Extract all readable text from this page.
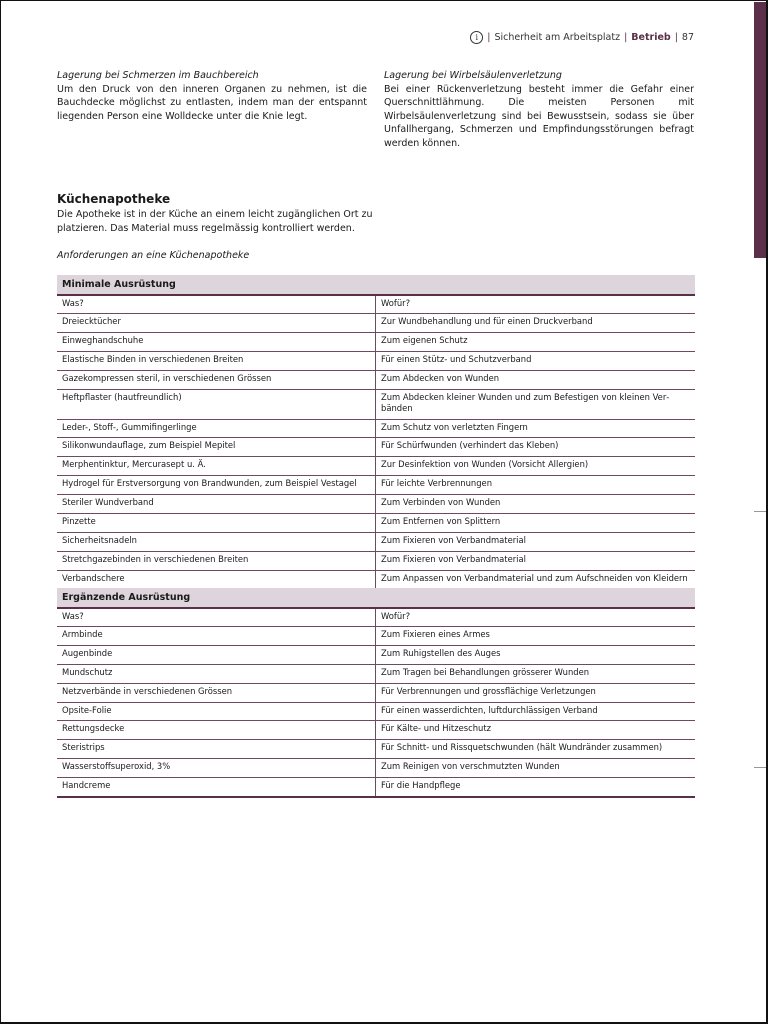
i | Sicherheit am Arbeitsplatz | Betrieb | 87
Lagerung bei Schmerzen im Bauchbereich

Um den Druck von den inneren Organen zu nehmen, ist die Bauchdecke möglichst zu entlasten, indem man der entspannt liegenden Person eine Wolldecke unter die Knie legt.

Lagerung bei Wirbelsäulenverletzung

Bei einer Rückenverletzung besteht immer die Gefahr einer Querschnittlähmung. Die meisten Personen mit Wirbelsäulenverletzung sind bei Bewusstsein, sodass sie über Unfallhergang, Schmerzen und Empfindungsstörungen befragt werden können.

Küchenapotheke

Die Apotheke ist in der Küche an einem leicht zugänglichen Ort zu platzieren. Das Material muss regelmässig kontrolliert werden.

Anforderungen an eine Küchenapotheke

Minimale Ausrüstung	
Was?	Wofür?
Dreiecktücher	Zur Wundbehandlung und für einen Druckverband
Einweghandschuhe	Zum eigenen Schutz
Elastische Binden in verschiedenen Breiten	Für einen Stütz- und Schutzverband
Gazekompressen steril, in verschiedenen Grössen	Zum Abdecken von Wunden
Heftpflaster (hautfreundlich)	Zum Abdecken kleiner Wunden und zum Befestigen von kleinen Verbänden
Leder-, Stoff-, Gummifingerlinge	Zum Schutz von verletzten Fingern
Silikonwundauflage, zum Beispiel Mepitel	Für Schürfwunden (verhindert das Kleben)
Merphentinktur, Mercurasept u. Ä.	Zur Desinfektion von Wunden (Vorsicht Allergien)
Hydrogel für Erstversorgung von Brandwunden, zum Beispiel Vestagel	Für leichte Verbrennungen
Steriler Wundverband	Zum Verbinden von Wunden
Pinzette	Zum Entfernen von Splittern
Sicherheitsnadeln	Zum Fixieren von Verbandmaterial
Stretchgazebinden in verschiedenen Breiten	Zum Fixieren von Verbandmaterial
Verbandschere	Zum Anpassen von Verbandmaterial und zum Aufschneiden von Kleidern
Ergänzende Ausrüstung	
Was?	Wofür?
Armbinde	Zum Fixieren eines Armes
Augenbinde	Zum Ruhigstellen des Auges
Mundschutz	Zum Tragen bei Behandlungen grösserer Wunden
Netzverbände in verschiedenen Grössen	Für Verbrennungen und grossflächige Verletzungen
Opsite-Folie	Für einen wasserdichten, luftdurchlässigen Verband
Rettungsdecke	Für Kälte- und Hitzeschutz
Steristrips	Für Schnitt- und Rissquetschwunden (hält Wundränder zusammen)
Wasserstoffsuperoxid, 3%	Zum Reinigen von verschmutzten Wunden
Handcreme	Für die Handpflege
